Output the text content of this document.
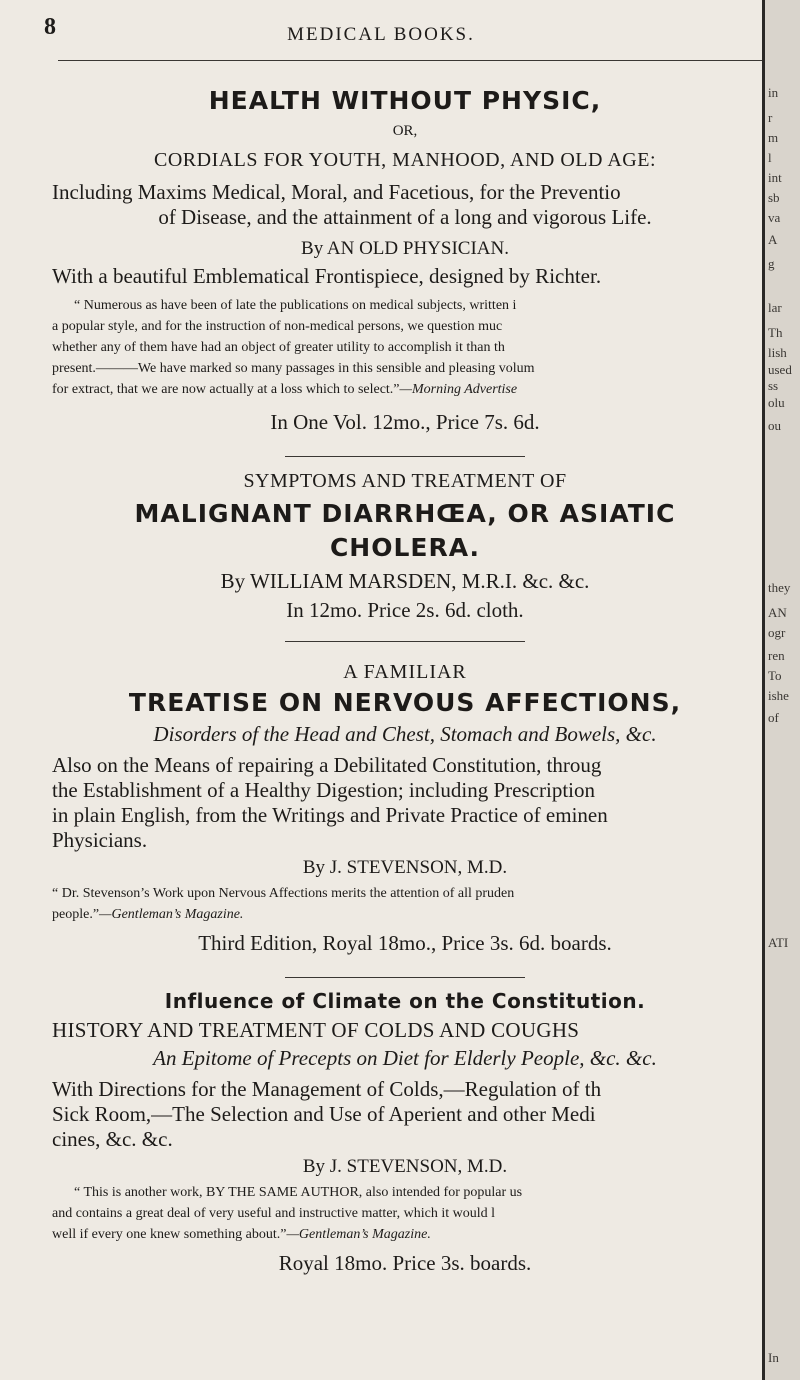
8	MEDICAL BOOKS.

HEALTH WITHOUT PHYSIC,

OR,

CORDIALS FOR YOUTH, MANHOOD, AND OLD AGE:

Including Maxims Medical, Moral, and Facetious, for the Preventio

of Disease, and the attainment of a long and vigorous Life.

By AN OLD PHYSICIAN.

With a beautiful Emblematical Frontispiece, designed by Richter.

“ Numerous as have been of late the publications on medical subjects, written i

a popular style, and for the instruction of non-medical persons, we question muc

whether any of them have had an object of greater utility to accomplish it than th

present.———We have marked so many passages in this sensible and pleasing volum

for extract, that we are now actually at a loss which to select.”—Morning Advertise

In One Vol. 12mo., Price 7s. 6d.

SYMPTOMS AND TREATMENT OF

MALIGNANT DIARRHŒA, OR ASIATIC

CHOLERA.

By WILLIAM MARSDEN, M.R.I. &c. &c.

In 12mo. Price 2s. 6d. cloth.

A FAMILIAR

TREATISE ON NERVOUS AFFECTIONS,

Disorders of the Head and Chest, Stomach and Bowels, &c.

Also on the Means of repairing a Debilitated Constitution, throug

the Establishment of a Healthy Digestion; including Prescription

in plain English, from the Writings and Private Practice of eminen

Physicians.

By J. STEVENSON, M.D.

“ Dr. Stevenson’s Work upon Nervous Affections merits the attention of all pruden

people.”—Gentleman’s Magazine.

Third Edition, Royal 18mo., Price 3s. 6d. boards.

Influence of Climate on the Constitution.

HISTORY AND TREATMENT OF COLDS AND COUGHS

An Epitome of Precepts on Diet for Elderly People, &c. &c.

With Directions for the Management of Colds,—Regulation of th

Sick Room,—The Selection and Use of Aperient and other Medi

cines, &c. &c.

By J. STEVENSON, M.D.

“ This is another work, BY THE SAME AUTHOR, also intended for popular us

and contains a great deal of very useful and instructive matter, which it would l

well if every one knew something about.”—Gentleman’s Magazine.

Royal 18mo. Price 3s. boards.

in
r
m
l
int
sb
va
A
g
lar
Th
lish
used
ss
olu
ou
they
AN
ogr
ren
To
ishe
of
ATI
In
